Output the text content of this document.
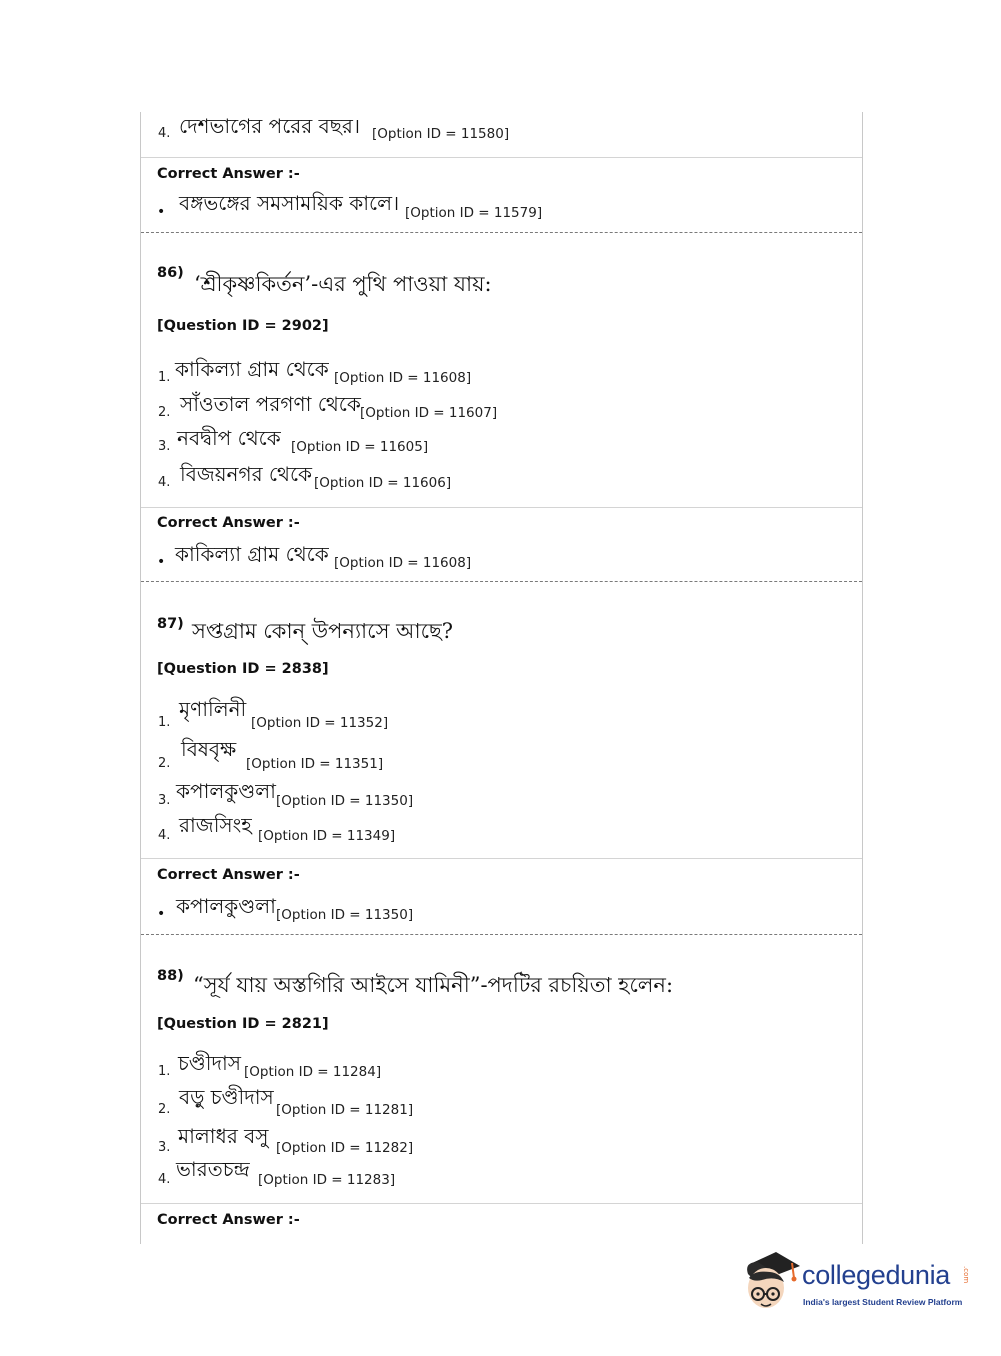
4. দেশভাগের পরের বছর। [Option ID = 11580]
Correct Answer :-
• বঙ্গভঙ্গের সমসাময়িক কালে। [Option ID = 11579]
86) ‘শ্রীকৃষ্ণকির্তন’-এর পুথি পাওয়া যায়:
[Question ID = 2902]
1. কাকিল্যা গ্রাম থেকে [Option ID = 11608]
2. সাঁওতাল পরগণা থেকে [Option ID = 11607]
3. নবদ্বীপ থেকে [Option ID = 11605]
4. বিজয়নগর থেকে [Option ID = 11606]
Correct Answer :-
• কাকিল্যা গ্রাম থেকে [Option ID = 11608]
87) সপ্তগ্রাম কোন্ উপন্যাসে আছে?
[Question ID = 2838]
1.
মৃণালিনী
[Option ID = 11352]
2.
বিষবৃক্ষ
[Option ID = 11351]
3. কপালকুণ্ডলা [Option ID = 11350]
4. রাজসিংহ [Option ID = 11349]
Correct Answer :-
• কপালকুণ্ডলা [Option ID = 11350]
88) “সূর্য যায় অস্তগিরি আইসে যামিনী”-পদটির রচয়িতা হলেন:
[Question ID = 2821]
1. চণ্ডীদাস [Option ID = 11284]
2.
বড়ু চণ্ডীদাস
[Option ID = 11281]
3. মালাধর বসু [Option ID = 11282]
4. ভারতচন্দ্র [Option ID = 11283]
Correct Answer :-
collegedunia .com
India's largest Student Review Platform
